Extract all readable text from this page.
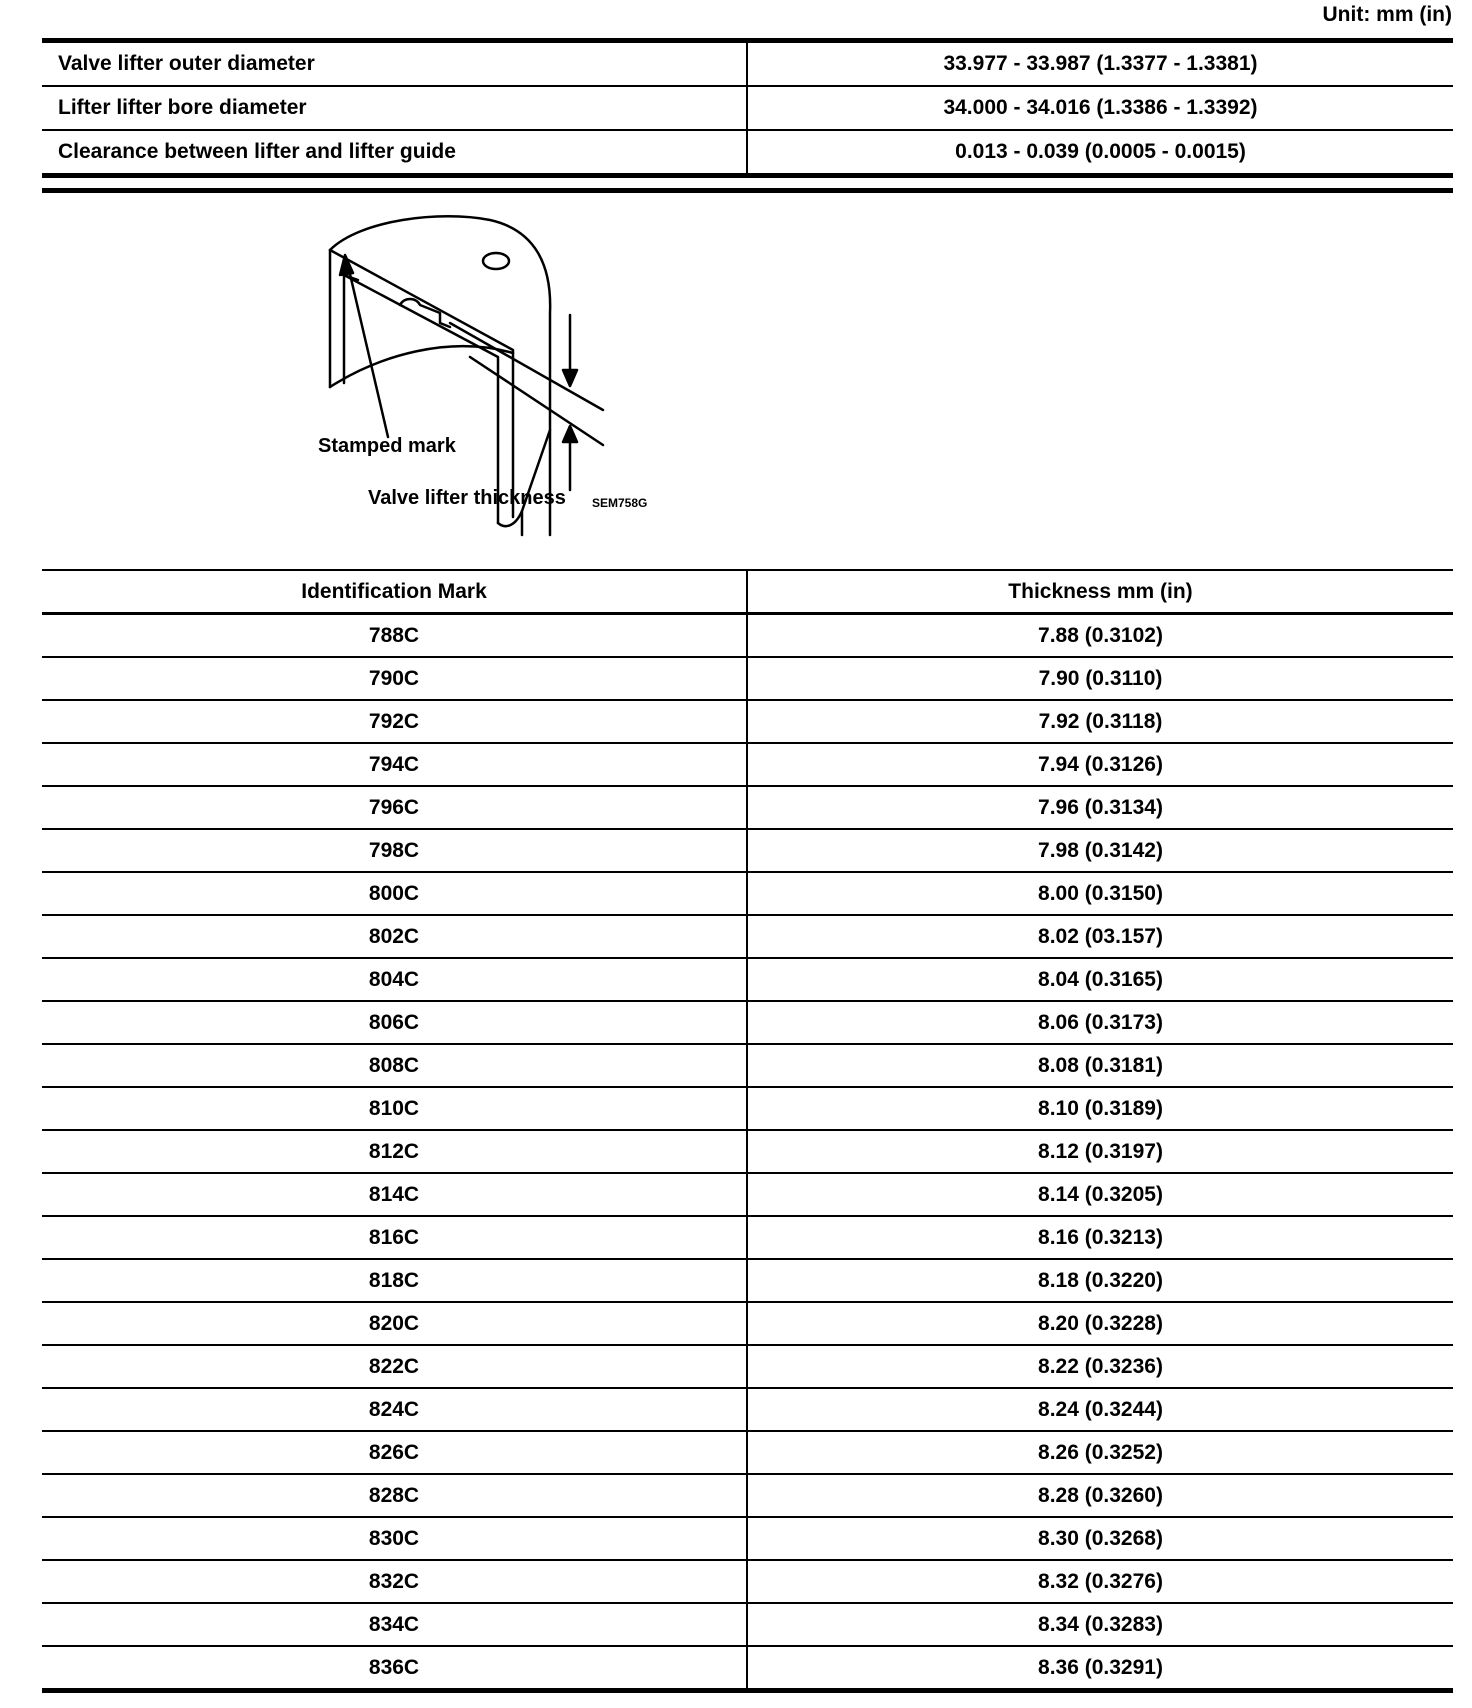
Unit: mm (in)
Valve lifter outer diameter	33.977 - 33.987 (1.3377 - 1.3381)
Lifter lifter bore diameter	34.000 - 34.016 (1.3386 - 1.3392)
Clearance between lifter and lifter guide	0.013 - 0.039 (0.0005 - 0.0015)
Stamped mark
Valve lifter thickness SEM758G
Identification Mark	Thickness mm (in)
788C	7.88 (0.3102)
790C	7.90 (0.3110)
792C	7.92 (0.3118)
794C	7.94 (0.3126)
796C	7.96 (0.3134)
798C	7.98 (0.3142)
800C	8.00 (0.3150)
802C	8.02 (03.157)
804C	8.04 (0.3165)
806C	8.06 (0.3173)
808C	8.08 (0.3181)
810C	8.10 (0.3189)
812C	8.12 (0.3197)
814C	8.14 (0.3205)
816C	8.16 (0.3213)
818C	8.18 (0.3220)
820C	8.20 (0.3228)
822C	8.22 (0.3236)
824C	8.24 (0.3244)
826C	8.26 (0.3252)
828C	8.28 (0.3260)
830C	8.30 (0.3268)
832C	8.32 (0.3276)
834C	8.34 (0.3283)
836C	8.36 (0.3291)
